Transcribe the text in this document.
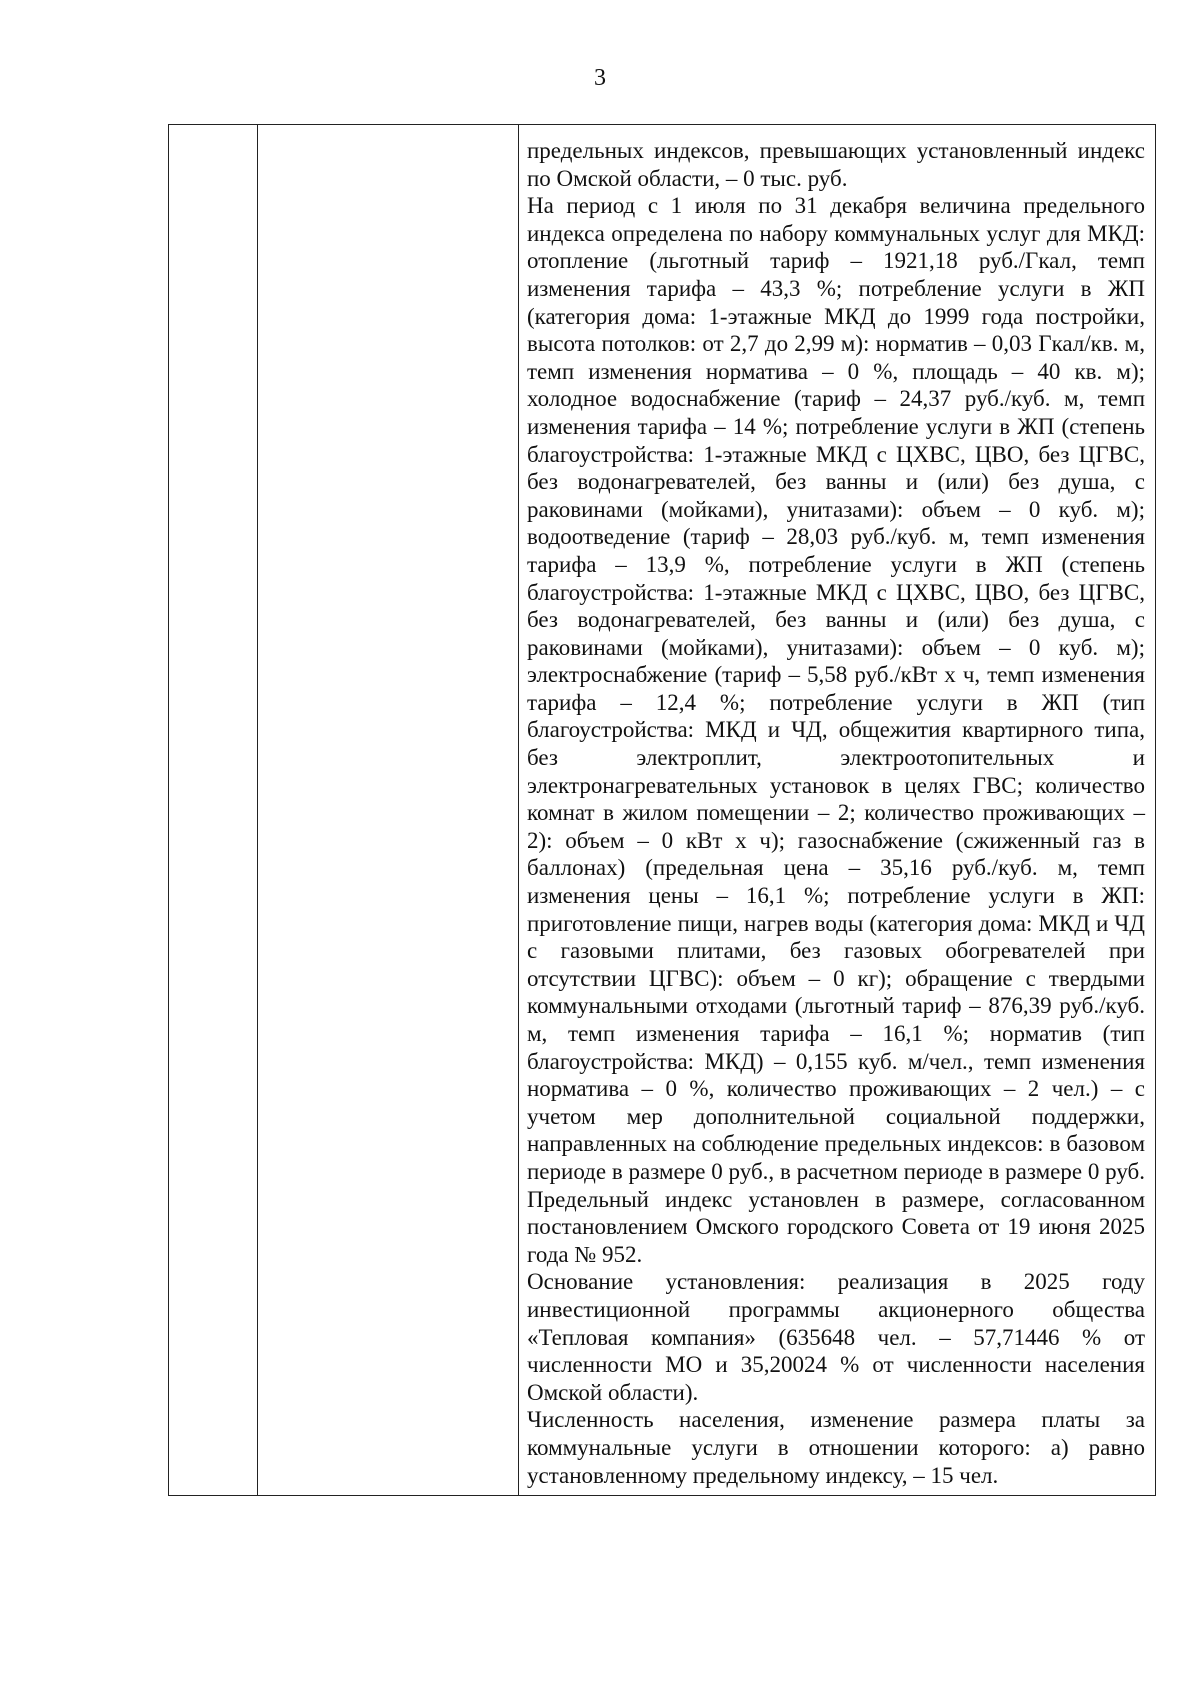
3

предельных индексов, превышающих установленный индекс по Омской области, – 0 тыс. руб.

На период с 1 июля по 31 декабря величина предельного индекса определена по набору коммунальных услуг для МКД: отопление (льготный тариф – 1921,18 руб./Гкал, темп изменения тарифа – 43,3 %; потребление услуги в ЖП (категория дома: 1-этажные МКД до 1999 года постройки, высота потолков: от 2,7 до 2,99 м): норматив – 0,03 Гкал/кв. м, темп изменения норматива – 0 %, площадь – 40 кв. м); холодное водоснабжение (тариф – 24,37 руб./куб. м, темп изменения тарифа – 14 %; потребление услуги в ЖП (степень благоустройства: 1-этажные МКД с ЦХВС, ЦВО, без ЦГВС, без водонагревателей, без ванны и (или) без душа, с раковинами (мойками), унитазами): объем – 0 куб. м); водоотведение (тариф – 28,03 руб./куб. м, темп изменения тарифа – 13,9 %, потребление услуги в ЖП (степень благоустройства: 1-этажные МКД с ЦХВС, ЦВО, без ЦГВС, без водонагревателей, без ванны и (или) без душа, с раковинами (мойками), унитазами): объем – 0 куб. м); электроснабжение (тариф – 5,58 руб./кВт х ч, темп изменения тарифа – 12,4 %; потребление услуги в ЖП (тип благоустройства: МКД и ЧД, общежития квартирного типа, без электроплит, электроотопительных и электронагревательных установок в целях ГВС; количество комнат в жилом помещении – 2; количество проживающих – 2): объем – 0 кВт х ч); газоснабжение (сжиженный газ в баллонах) (предельная цена – 35,16 руб./куб. м, темп изменения цены – 16,1 %; потребление услуги в ЖП: приготовление пищи, нагрев воды (категория дома: МКД и ЧД с газовыми плитами, без газовых обогревателей при отсутствии ЦГВС): объем – 0 кг); обращение с твердыми коммунальными отходами (льготный тариф – 876,39 руб./куб. м, темп изменения тарифа – 16,1 %; норматив (тип благоустройства: МКД) – 0,155 куб. м/чел., темп изменения норматива – 0 %, количество проживающих – 2 чел.) – с учетом мер дополнительной социальной поддержки, направленных на соблюдение предельных индексов: в базовом периоде в размере 0 руб., в расчетном периоде в размере 0 руб. Предельный индекс установлен в размере, согласованном постановлением Омского городского Совета от 19 июня 2025 года № 952.

Основание установления: реализация в 2025 году инвестиционной программы акционерного общества «Тепловая компания» (635648 чел. – 57,71446 % от численности МО и 35,20024 % от численности населения Омской области).

Численность населения, изменение размера платы за коммунальные услуги в отношении которого: а) равно установленному предельному индексу, – 15 чел.
